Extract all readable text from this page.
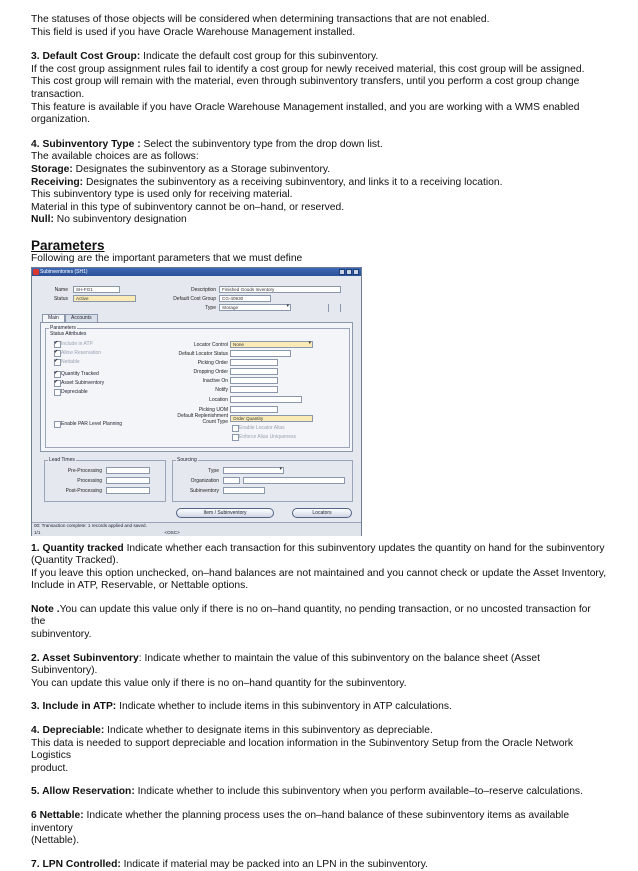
The statuses of those objects will be considered when determining transactions that are not enabled.

This field is used if you have Oracle Warehouse Management installed.

3. Default Cost Group: Indicate the default cost group for this subinventory.

If the cost group assignment rules fail to identify a cost group for newly received material, this cost group will be assigned.

This cost group will remain with the material, even through subinventory transfers, until you perform a cost group change

transaction.

This feature is available if you have Oracle Warehouse Management installed, and you are working with a WMS enabled

organization.

4. Subinventory Type : Select the subinventory type from the drop down list.

The available choices are as follows:

Storage: Designates the subinventory as a Storage subinventory.

Receiving: Designates the subinventory as a receiving subinventory, and links it to a receiving location.

This subinventory type is used only for receiving material.

Material in this type of subinventory cannot be on–hand, or reserved.

Null: No subinventory designation

Parameters

Following are the important parameters that we must define

Subinventories (SH1)
Name	SH-FG1
Status	Active
Description	Finished Goods Inventory
Default Cost Group	CG-40930
Type	Storage ▾
Main	Accounts
Parameters
Status Attributes
Include in ATP ✔
Allow Reservation ✔
Nettable ✔
Quantity Tracked ✔
Asset Subinventory ✔
Depreciable
Enable PAR Level Planning
Locator Control	None ▾
Default Locator Status
Picking Order
Dropping Order
Inactive On
Notify
Location
Picking UOM
Default Replenishment
Count Type
Order Quantity
Enable Locator Alias
Enforce Alias Uniqueness
Lead Times
Pre-Processing
Processing
Post-Processing
Sourcing
Type
▾
Organization
Subinventory
Item / Subinventory	Locators
00: Transaction complete: 1 records applied and saved.
1/1	<OSC>

1. Quantity tracked Indicate whether each transaction for this subinventory updates the quantity on hand for the subinventory

(Quantity Tracked).

If you leave this option unchecked, on–hand balances are not maintained and you cannot check or update the Asset Inventory,

Include in ATP, Reservable, or Nettable options.

Note .You can update this value only if there is no on–hand quantity, no pending transaction, or no uncosted transaction for the

subinventory.

2. Asset Subinventory: Indicate whether to maintain the value of this subinventory on the balance sheet (Asset Subinventory).

You can update this value only if there is no on–hand quantity for the subinventory.

3. Include in ATP: Indicate whether to include items in this subinventory in ATP calculations.

4. Depreciable: Indicate whether to designate items in this subinventory as depreciable.

This data is needed to support depreciable and location information in the Subinventory Setup from the Oracle Network Logistics

product.

5. Allow Reservation: Indicate whether to include this subinventory when you perform available–to–reserve calculations.

6 Nettable: Indicate whether the planning process uses the on–hand balance of these subinventory items as available inventory

(Nettable).

7. LPN Controlled: Indicate if material may be packed into an LPN in the subinventory.
